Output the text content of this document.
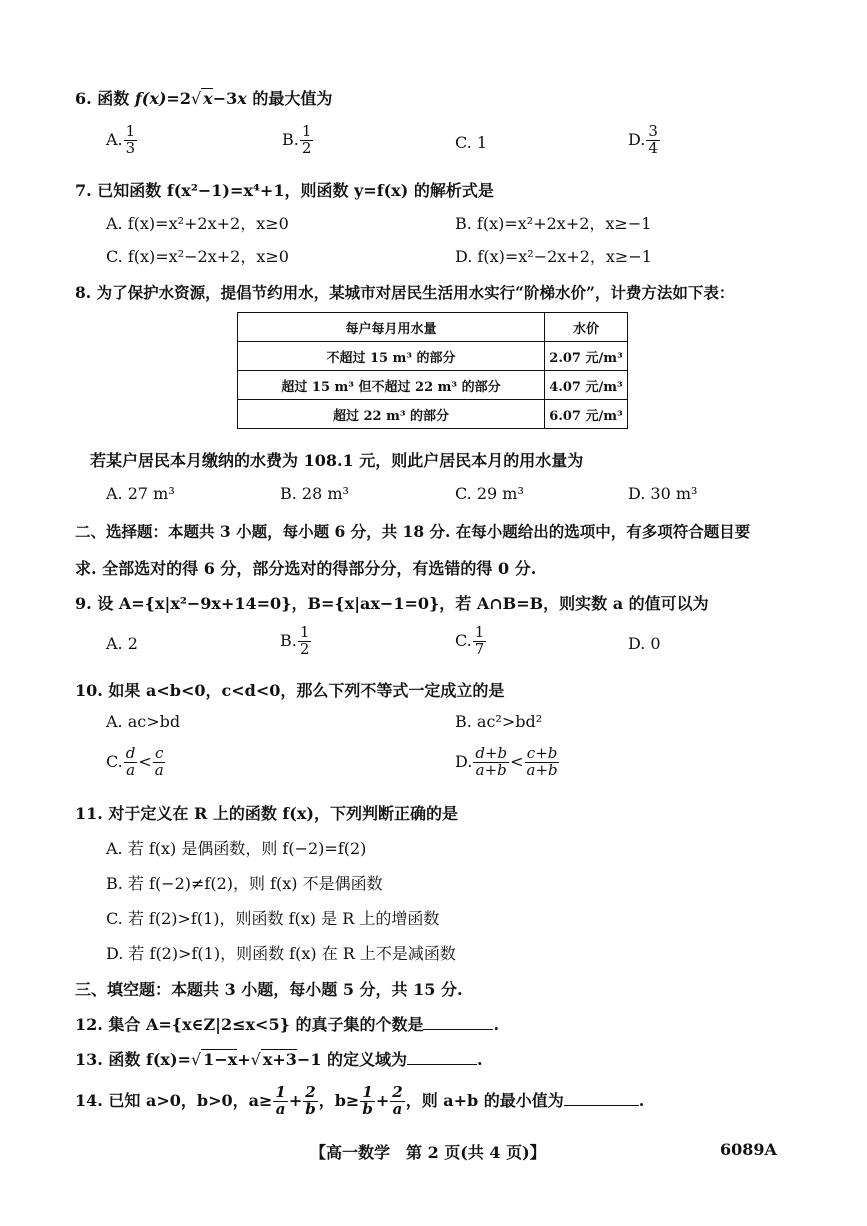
6. 函数 f(x)=2√ x−3x 的最大值为
A. $\frac{1}{3}$	B. $\frac{1}{2}$	C. 1	D. $\frac{3}{4}$
7. 已知函数 f(x²−1)=x⁴+1，则函数 y=f(x) 的解析式是
A. f(x)=x²+2x+2，x≥0	B. f(x)=x²+2x+2，x≥−1
C. f(x)=x²−2x+2，x≥0	D. f(x)=x²−2x+2，x≥−1
8. 为了保护水资源，提倡节约用水，某城市对居民生活用水实行“阶梯水价”，计费方法如下表：
每户每月用水量	水价
不超过 15 m³ 的部分	2.07 元/m³
超过 15 m³ 但不超过 22 m³ 的部分	4.07 元/m³
超过 22 m³ 的部分	6.07 元/m³
若某户居民本月缴纳的水费为 108.1 元，则此户居民本月的用水量为
A. 27 m³	B. 28 m³	C. 29 m³	D. 30 m³
二、选择题：本题共 3 小题，每小题 6 分，共 18 分. 在每小题给出的选项中，有多项符合题目要
求. 全部选对的得 6 分，部分选对的得部分分，有选错的得 0 分.
9. 设 A={x|x²−9x+14=0}，B={x|ax−1=0}，若 A∩B=B，则实数 a 的值可以为
A. 2	B. $\frac{1}{2}$	C. $\frac{1}{7}$	D. 0
10. 如果 a<b<0，c<d<0，那么下列不等式一定成立的是
A. ac>bd	B. ac²>bd²
C. $\frac{d}{a} < \frac{c}{a}$	D. $\frac{d+b}{a+b} < \frac{c+b}{a+b}$
11. 对于定义在 R 上的函数 f(x)，下列判断正确的是
A. 若 f(x) 是偶函数，则 f(−2)=f(2)
B. 若 f(−2)≠f(2)，则 f(x) 不是偶函数
C. 若 f(2)>f(1)，则函数 f(x) 是 R 上的增函数
D. 若 f(2)>f(1)，则函数 f(x) 在 R 上不是减函数
三、填空题：本题共 3 小题，每小题 5 分，共 15 分.
12. 集合 A={x∈Z|2≤x<5} 的真子集的个数是	.
13. 函数 f(x)=√ 1−x+√ x+3−1 的定义域为	.
14. 已知 a>0，b>0，$a\ge \frac{1}{a} + \frac{2}{b}$ ，$b\ge \frac{1}{b} + \frac{2}{a}$ ，则 a+b 的最小值为	.
【高一数学　第 2 页(共 4 页)】	6089A
